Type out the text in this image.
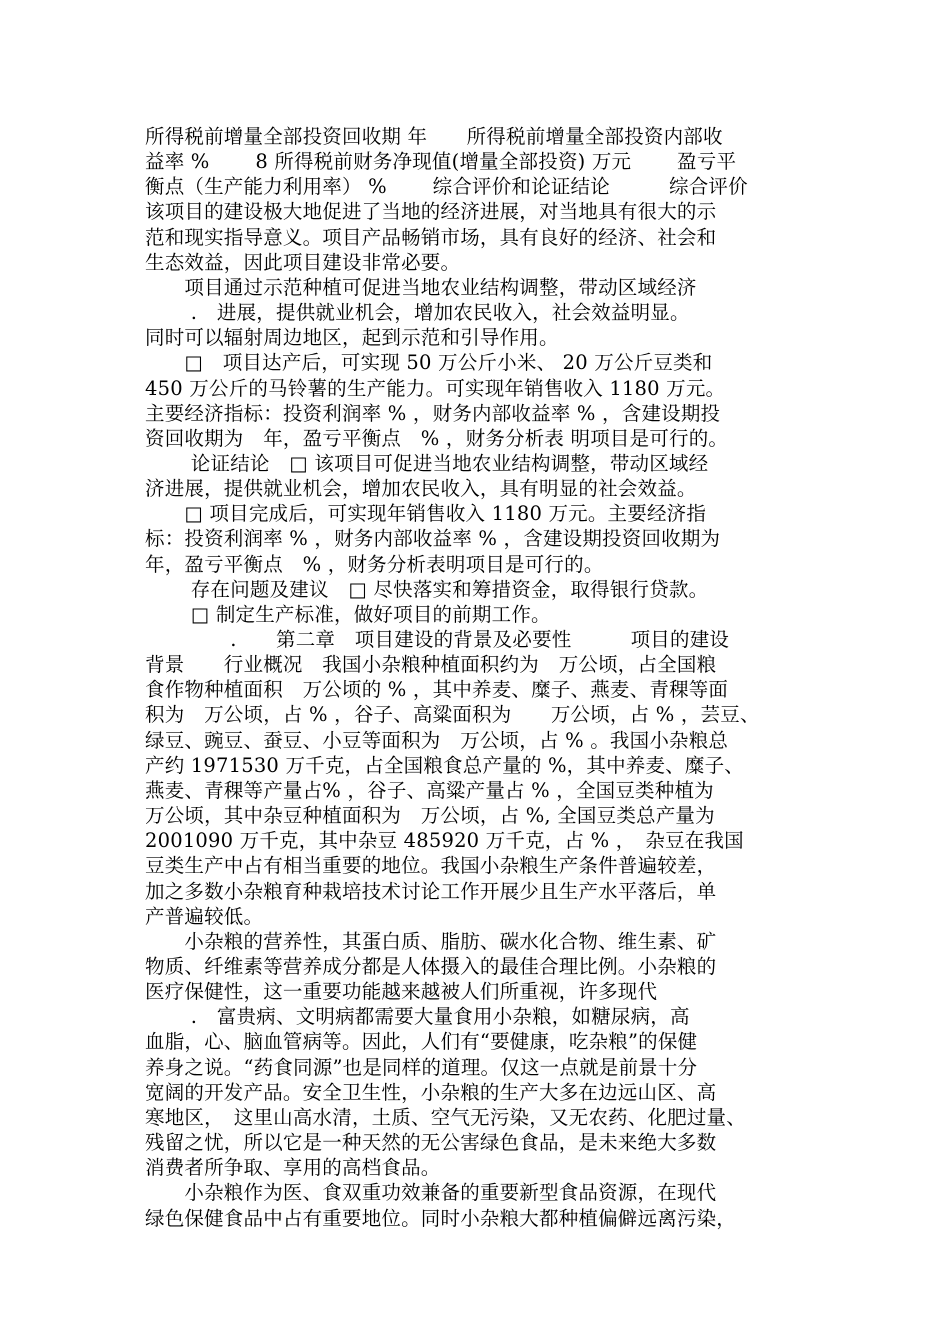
所得税前增量全部投资回收期 年　　所得税前增量全部投资内部收
益率 %　　 8 所得税前财务净现值(增量全部投资) 万元　　 盈亏平
衡点（生产能力利用率） %　　 综合评价和论证结论　　　综合评价
该项目的建设极大地促进了当地的经济进展，对当地具有很大的示
范和现实指导意义。项目产品畅销市场，具有良好的经济、社会和
生态效益，因此项目建设非常必要。
　　项目通过示范种植可促进当地农业结构调整，带动区域经济
　　 .　进展，提供就业机会，增加农民收入，社会效益明显。
同时可以辐射周边地区，起到示范和引导作用。
　　□　项目达产后，可实现 50 万公斤小米、 20 万公斤豆类和
450 万公斤的马铃薯的生产能力。可实现年销售收入 1180 万元。
主要经济指标：投资利润率 % ，财务内部收益率 % ，含建设期投
资回收期为　年，盈亏平衡点　% ，财务分析表 明项目是可行的。
　　 论证结论　□ 该项目可促进当地农业结构调整，带动区域经
济进展，提供就业机会，增加农民收入，具有明显的社会效益。
　　□ 项目完成后，可实现年销售收入 1180 万元。主要经济指
标：投资利润率 % ，财务内部收益率 % ，含建设期投资回收期为
年，盈亏平衡点　% ，财务分析表明项目是可行的。
　　 存在问题及建议　□ 尽快落实和筹措资金，取得银行贷款。
　　 □ 制定生产标准，做好项目的前期工作。
　　　　 .　　第二章　项目建设的背景及必要性　　　项目的建设
背景　　行业概况　我国小杂粮种植面积约为　万公顷，占全国粮
食作物种植面积　万公顷的 % ，其中养麦、糜子、燕麦、青稞等面
积为　万公顷，占 % ，谷子、高粱面积为　　万公顷，占 % ，芸豆、
绿豆、豌豆、蚕豆、小豆等面积为　万公顷，占 % 。我国小杂粮总
产约 1971530 万千克，占全国粮食总产量的 %，其中养麦、糜子、
燕麦、青稞等产量占% ，谷子、高粱产量占 % ，全国豆类种植为
万公顷，其中杂豆种植面积为　万公顷，占 %, 全国豆类总产量为
2001090 万千克，其中杂豆 485920 万千克，占 % ，　杂豆在我国
豆类生产中占有相当重要的地位。我国小杂粮生产条件普遍较差，
加之多数小杂粮育种栽培技术讨论工作开展少且生产水平落后，单
产普遍较低。
　　小杂粮的营养性，其蛋白质、脂肪、碳水化合物、维生素、矿
物质、纤维素等营养成分都是人体摄入的最佳合理比例。小杂粮的
医疗保健性，这一重要功能越来越被人们所重视，许多现代
　　 .　富贵病、文明病都需要大量食用小杂粮，如糖尿病，高
血脂，心、脑血管病等。因此，人们有“要健康，吃杂粮”的保健
养身之说。“药食同源”也是同样的道理。仅这一点就是前景十分
宽阔的开发产品。安全卫生性，小杂粮的生产大多在边远山区、高
寒地区，　这里山高水清，土质、空气无污染，又无农药、化肥过量、
残留之忧，所以它是一种天然的无公害绿色食品，是未来绝大多数
消费者所争取、享用的高档食品。
　　小杂粮作为医、食双重功效兼备的重要新型食品资源，在现代
绿色保健食品中占有重要地位。同时小杂粮大都种植偏僻远离污染，
